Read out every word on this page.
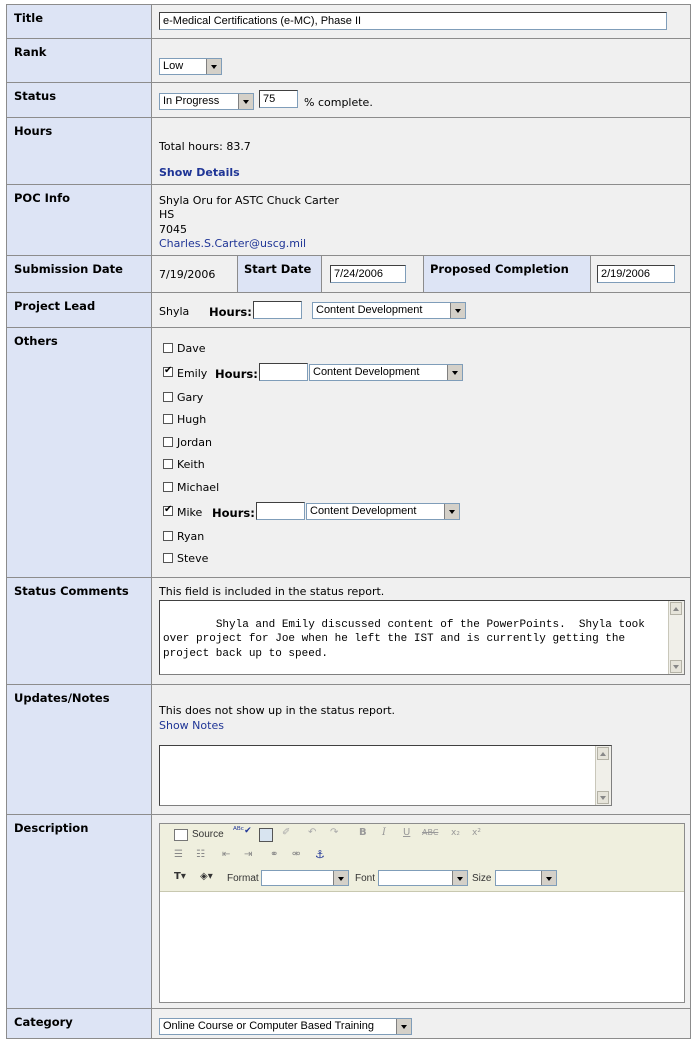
Title	e-Medical Certifications (e-MC), Phase II
Rank
Low
Status	In Progress	75	% complete.
Hours
Total hours: 83.7
Show Details
POC Info	Shyla Oru for ASTC Chuck Carter
HS
7045
Charles.S.Carter@uscg.mil
Submission Date	7/19/2006	Start Date	7/24/2006	Proposed Completion	2/19/2006
Project Lead	Shyla Hours:	Content Development
Others
Dave
✔
Emily Hours:	Content Development
Gary
Hugh
Jordan
Keith
Michael
✔
Mike Hours:	Content Development
Ryan
Steve
Status Comments	This field is included in the status report.

Shyla and Emily discussed content of the PowerPoints.  Shyla took over project for Joe when he left the IST and is currently getting the project back up to speed.

Updates/Notes
This does not show up in the status report.
Show Notes

Description	Source ᴬᴮᶜ✔	✐ ↶ ↷ B I U ABC x₂ x²
☰ ☷ ⇤ ⇥ ⚭ ⚮ ⚓
T▾ ◈▾ Format	Font	Size
Category	Online Course or Computer Based Training
